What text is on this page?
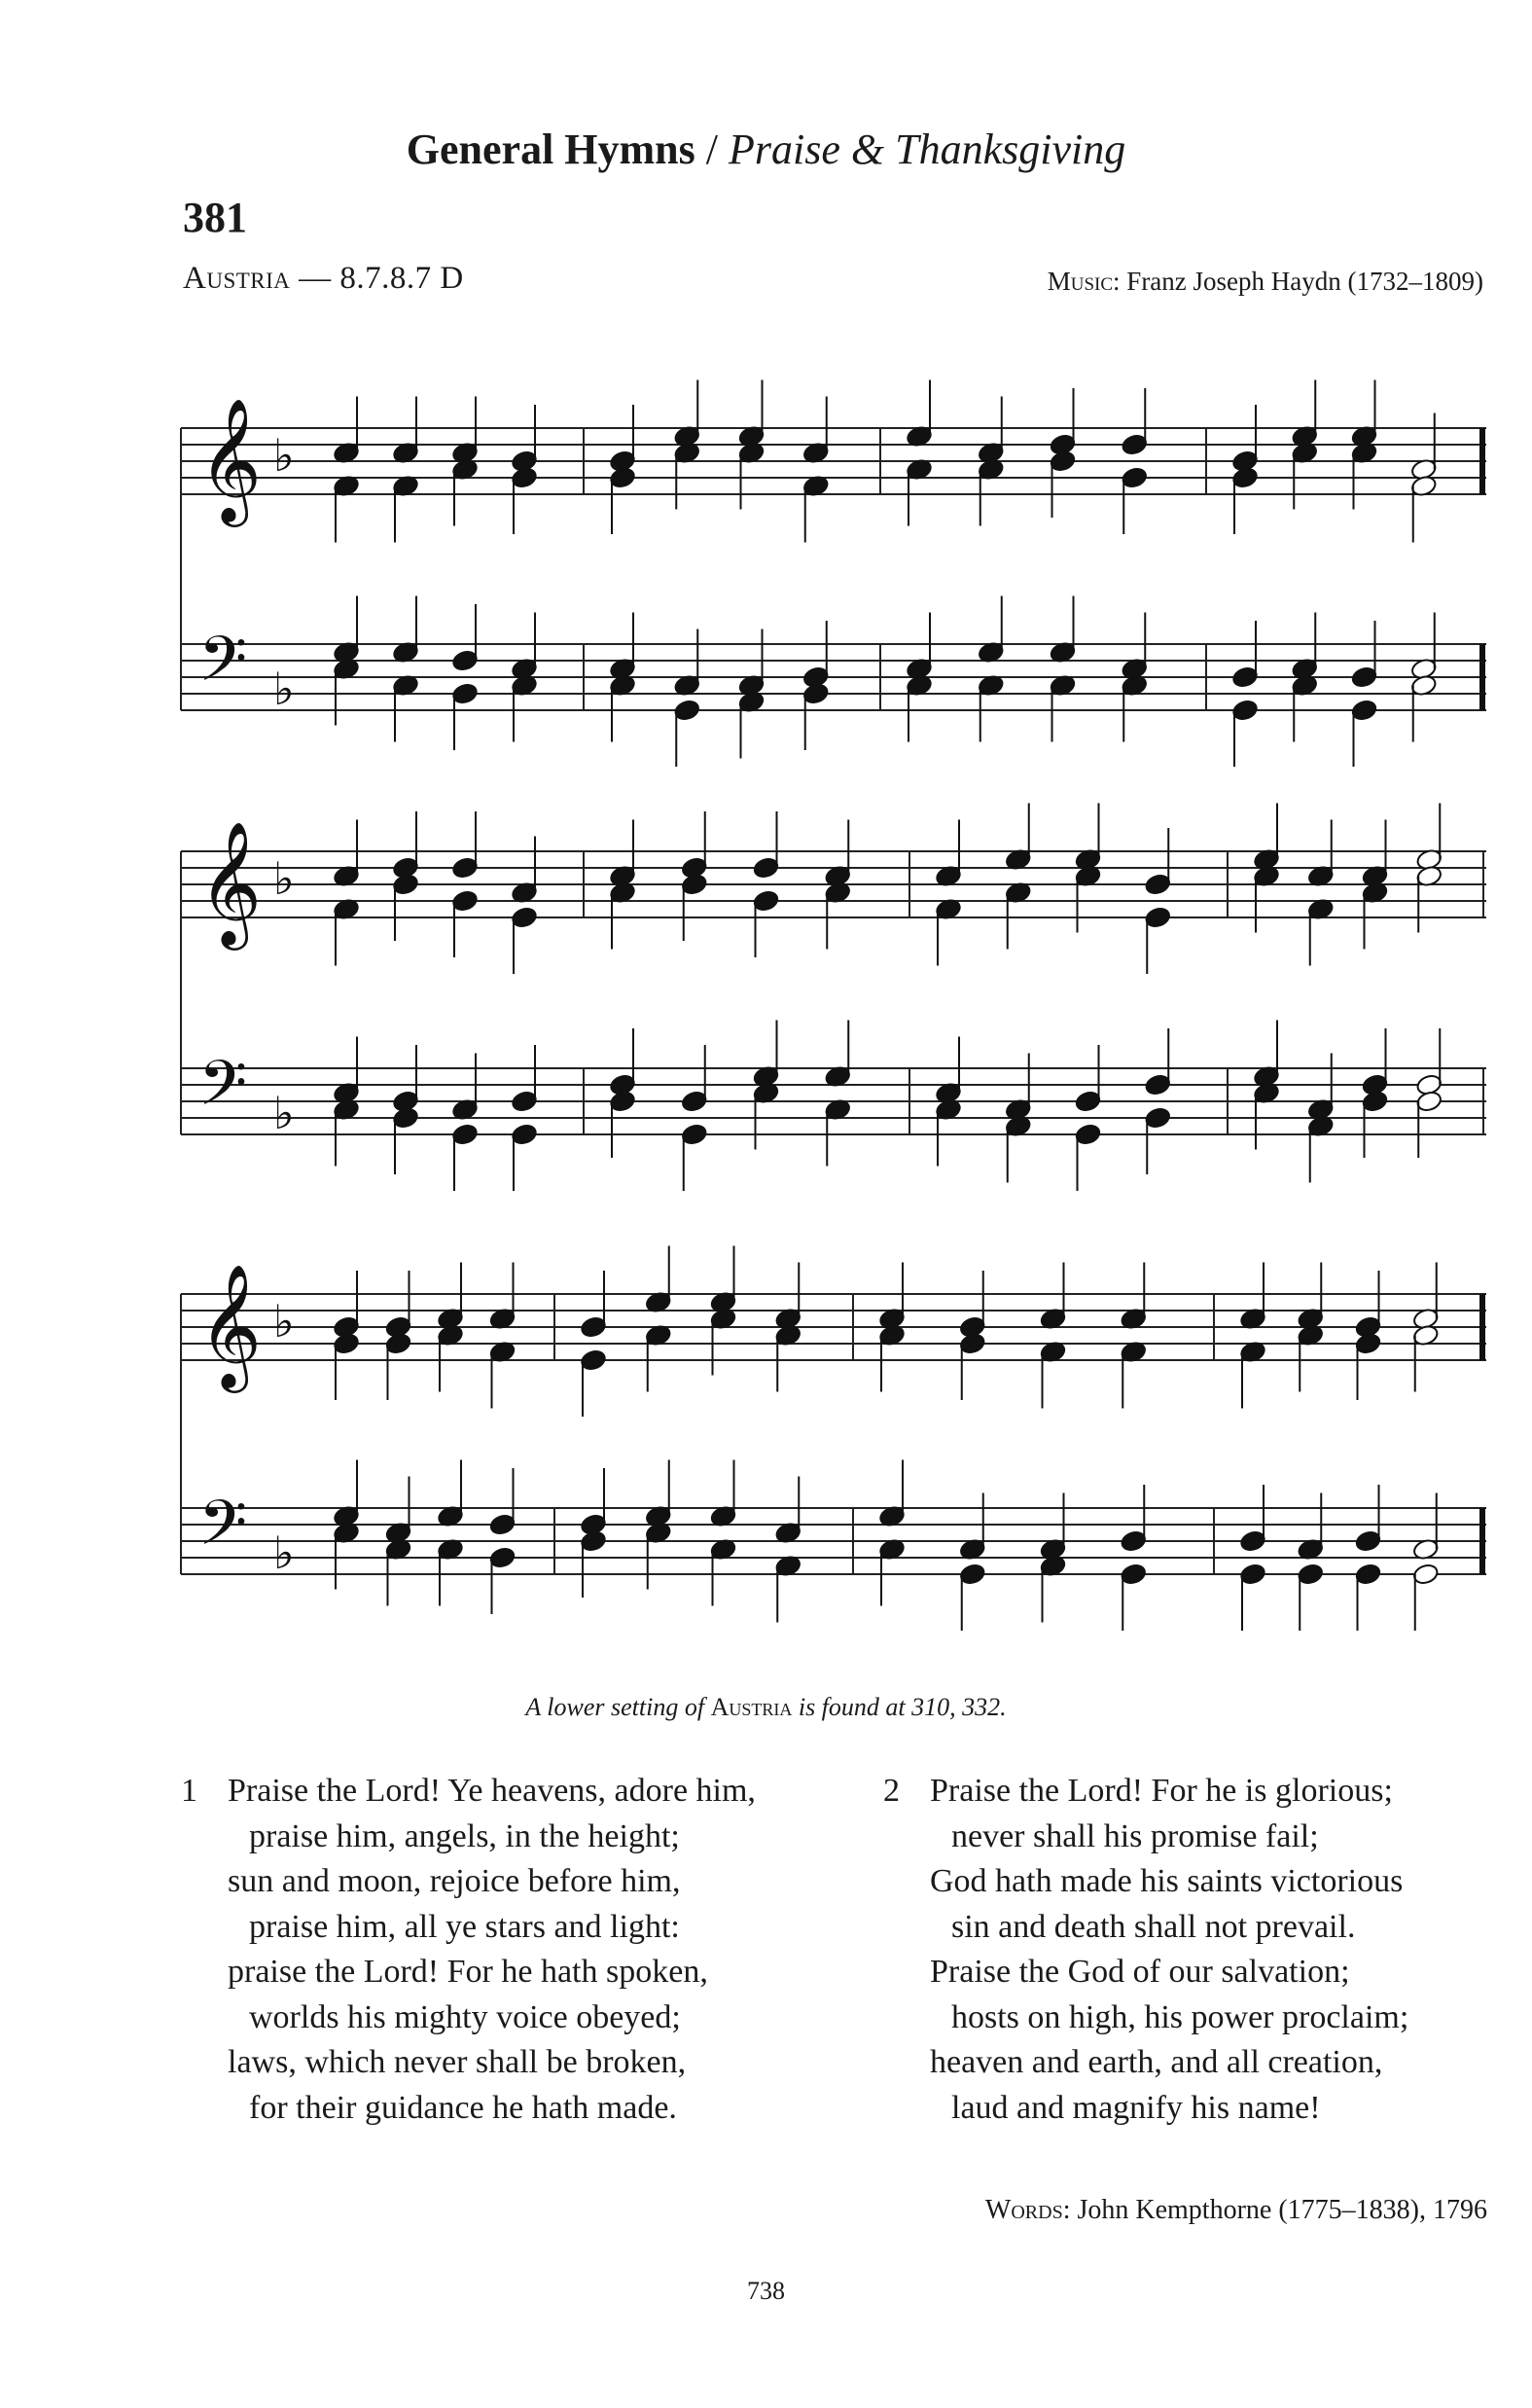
General Hymns / Praise & Thanksgiving
381
Austria — 8.7.8.7 D	Music: Franz Joseph Haydn (1732–1809)
𝄞 ♭
𝄢 ♭
𝄞 ♭
𝄢 ♭
𝄞 ♭
𝄢 ♭
A lower setting of Austria is found at 310, 332.
1 Praise the Lord! Ye heavens, adore him,
praise him, angels, in the height;
sun and moon, rejoice before him,
praise him, all ye stars and light:
praise the Lord! For he hath spoken,
worlds his mighty voice obeyed;
laws, which never shall be broken,
for their guidance he hath made.
2 Praise the Lord! For he is glorious;
never shall his promise fail;
God hath made his saints victorious
sin and death shall not prevail.
Praise the God of our salvation;
hosts on high, his power proclaim;
heaven and earth, and all creation,
laud and magnify his name!
Words: John Kempthorne (1775–1838), 1796
738
